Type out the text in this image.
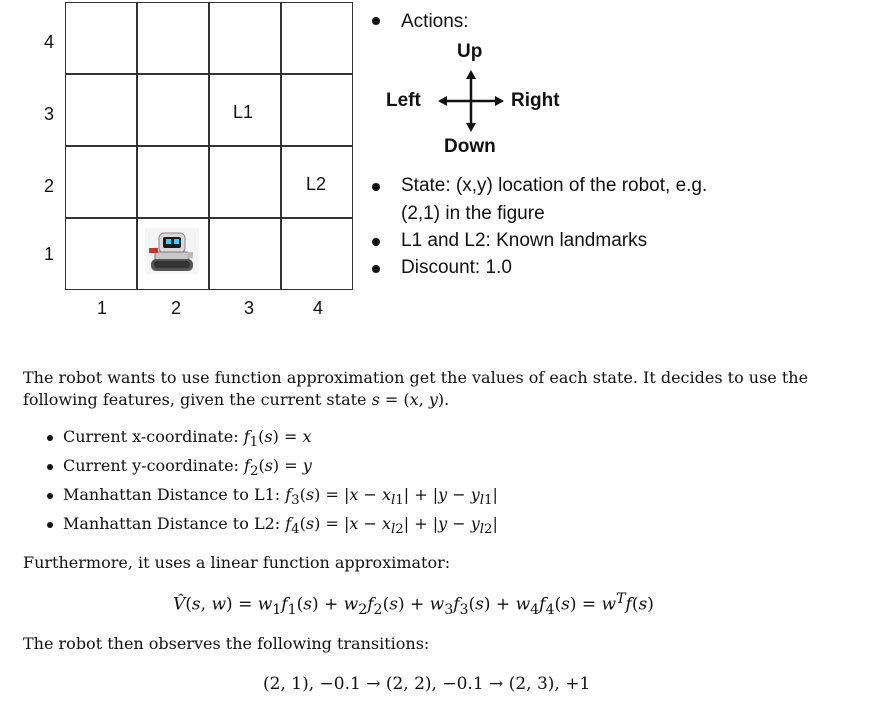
4
3
2
1
L1
L2
1	2	3	4
Actions:
Up
Left	Right
Down
State: (x,y) location of the robot, e.g.
(2,1) in the figure
L1 and L2: Known landmarks
Discount: 1.0
The robot wants to use function approximation get the values of each state. It decides to use the
following features, given the current state s = (x, y).
Current x-coordinate: $f_1(s) = x$
Current y-coordinate: $f_2(s) = y$
Manhattan Distance to L1: $f_3(s) = |x - x_{l1}| + |y - y_{l1}|$
Manhattan Distance to L2: $f_4(s) = |x - x_{l2}| + |y - y_{l2}|$
Furthermore, it uses a linear function approximator:
V̂(s, $w) = w_1f_1(s) + w_2f_2(s) + w_3f_3(s) + w_4f_4(s) = w^Tf(s)$
The robot then observes the following transitions:
(2, 1), −0.1 → (2, 2), −0.1 → (2, 3), +1
